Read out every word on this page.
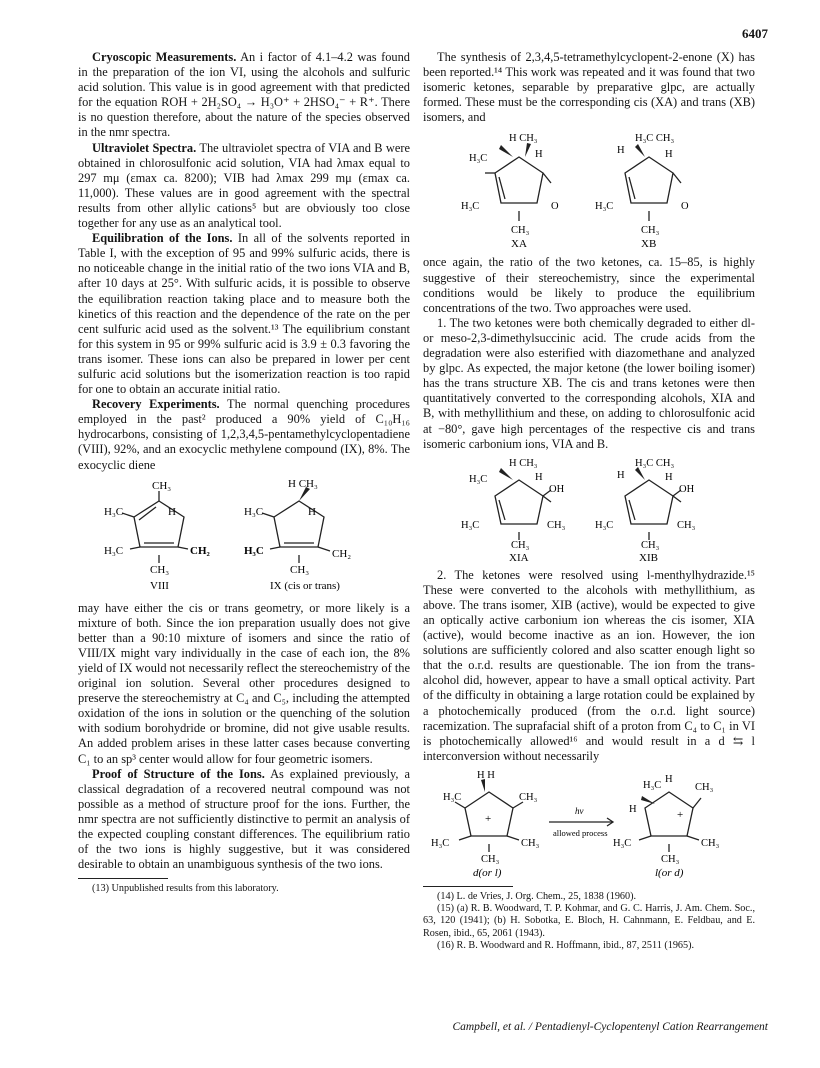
6407

Cryoscopic Measurements. An i factor of 4.1–4.2 was found in the preparation of the ion VI, using the alcohols and sulfuric acid solution. This value is in good agreement with that predicted for the equation ROH + 2H₂SO₄ → H₃O⁺ + 2HSO₄⁻ + R⁺. There is no question therefore, about the nature of the species observed in the nmr spectra.

Ultraviolet Spectra. The ultraviolet spectra of VIA and B were obtained in chlorosulfonic acid solution, VIA had λmax equal to 297 mμ (εmax ca. 8200); VIB had λmax 299 mμ (εmax ca. 11,000). These values are in good agreement with the spectral results from other allylic cations⁵ but are obviously too close together for any use as an analytical tool.

Equilibration of the Ions. In all of the solvents reported in Table I, with the exception of 95 and 99% sulfuric acids, there is no noticeable change in the initial ratio of the two ions VIA and B, after 10 days at 25°. With sulfuric acids, it is possible to observe the equilibration reaction taking place and to measure both the kinetics of this reaction and the dependence of the rate on the per cent sulfuric acid used as the solvent.¹³ The equilibrium constant for this system in 95 or 99% sulfuric acid is 3.9 ± 0.3 favoring the trans isomer. These ions can also be prepared in lower per cent sulfuric acid solutions but the isomerization reaction is too rapid for one to obtain an accurate initial ratio.

Recovery Experiments. The normal quenching procedures employed in the past² produced a 90% yield of C₁₀H₁₆ hydrocarbons, consisting of 1,2,3,4,5-pentamethylcyclopentadiene (VIII), 92%, and an exocyclic methylene compound (IX), 8%. The exocyclic diene

CH₃
H₃C	H
H₃C	CH₂
CH₃
VIII
H CH₃
H₃C	H
H₃C	CH₂
CH₃
IX (cis or trans)

may have either the cis or trans geometry, or more likely is a mixture of both. Since the ion preparation usually does not give better than a 90:10 mixture of isomers and since the ratio of VIII/IX might vary individually in the case of each ion, the 8% yield of IX would not necessarily reflect the stereochemistry of the original ion solution. Several other procedures designed to preserve the stereochemistry at C₄ and C₅, including the attempted oxidation of the ions in solution or the quenching of the solution with sodium borohydride or bromine, did not give usable results. An added problem arises in these latter cases because converting C₁ to an sp³ center would allow for four geometric isomers.

Proof of Structure of the Ions. As explained previously, a classical degradation of a recovered neutral compound was not possible as a method of structure proof for the ions. Further, the nmr spectra are not sufficiently distinctive to permit an analysis of the expected coupling constant differences. The equilibrium ratio of the two ions is highly suggestive, but it was considered desirable to obtain an unambiguous synthesis of the two ions.

(13) Unpublished results from this laboratory.

The synthesis of 2,3,4,5-tetramethylcyclopent-2-enone (X) has been reported.¹⁴ This work was repeated and it was found that two isomeric ketones, separable by preparative glpc, are actually formed. These must be the corresponding cis (XA) and trans (XB) isomers, and

H CH₃
H₃C	H
H₃C	O
CH₃
XA
H₃C CH₃
H	H
H₃C	O
CH₃
XB

once again, the ratio of the two ketones, ca. 15–85, is highly suggestive of their stereochemistry, since the experimental conditions would be likely to produce the equilibrium concentrations of the two. Two approaches were used.

1. The two ketones were both chemically degraded to either dl- or meso-2,3-dimethylsuccinic acid. The crude acids from the degradation were also esterified with diazomethane and analyzed by glpc. As expected, the major ketone (the lower boiling isomer) has the trans structure XB. The cis and trans ketones were then quantitatively converted to the corresponding alcohols, XIA and B, with methyllithium and these, on adding to chlorosulfonic acid at −80°, gave high percentages of the respective cis and trans isomeric carbonium ions, VIA and B.

H CH₃
H₃C	H
OH
H₃C	CH₃
CH₃
XIA
H₃C CH₃
H	H
OH
H₃C	CH₃
CH₃
XIB

2. The ketones were resolved using l-menthylhydrazide.¹⁵ These were converted to the alcohols with methyllithium, as above. The trans isomer, XIB (active), would be expected to give an optically active carbonium ion whereas the cis isomer, XIA (active), would become inactive as an ion. However, the ion solutions are sufficiently colored and also scatter enough light so that the o.r.d. results are questionable. The ion from the trans-alcohol did, however, appear to have a small optical activity. Part of the difficulty in obtaining a large rotation could be explained by a photochemically produced (from the o.r.d. light source) racemization. The suprafacial shift of a proton from C₄ to C₁ in VI is photochemically allowed¹⁶ and would result in a d ⇆ l interconversion without necessarily

H H
H₃C	CH₃
+
H₃C	CH₃
CH₃
d(or l)
hν
allowed process
H₃C
H
CH₃
H	+
H₃C	CH₃
CH₃
l(or d)

(14) L. de Vries, J. Org. Chem., 25, 1838 (1960).

(15) (a) R. B. Woodward, T. P. Kohmar, and G. C. Harris, J. Am. Chem. Soc., 63, 120 (1941); (b) H. Sobotka, E. Bloch, H. Cahnmann, E. Feldbau, and E. Rosen, ibid., 65, 2061 (1943).

(16) R. B. Woodward and R. Hoffmann, ibid., 87, 2511 (1965).

Campbell, et al. / Pentadienyl-Cyclopentenyl Cation Rearrangement
